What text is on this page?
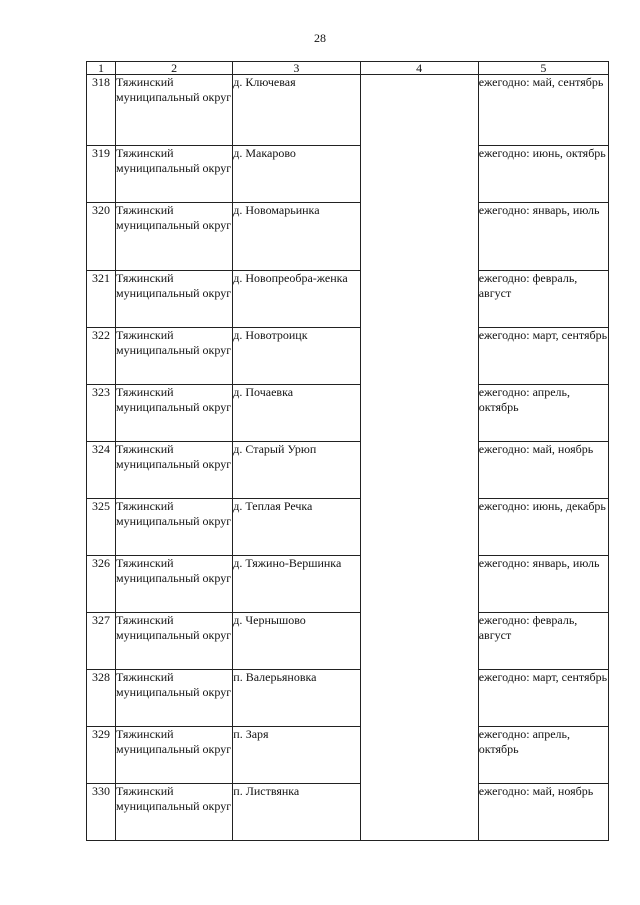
28
1	2	3	4	5
318	Тяжинский муниципальный округ	д. Ключевая		ежегодно: май, сентябрь
319	Тяжинский муниципальный округ	д. Макарово		ежегодно: июнь, октябрь
320	Тяжинский муниципальный округ	д. Новомарьинка		ежегодно: январь, июль
321	Тяжинский муниципальный округ	д. Новопреобра-женка		ежегодно: февраль, август
322	Тяжинский муниципальный округ	д. Новотроицк		ежегодно: март, сентябрь
323	Тяжинский муниципальный округ	д. Почаевка		ежегодно: апрель, октябрь
324	Тяжинский муниципальный округ	д. Старый Урюп		ежегодно: май, ноябрь
325	Тяжинский муниципальный округ	д. Теплая Речка		ежегодно: июнь, декабрь
326	Тяжинский муниципальный округ	д. Тяжино-Вершинка		ежегодно: январь, июль
327	Тяжинский муниципальный округ	д. Чернышово		ежегодно: февраль, август
328	Тяжинский муниципальный округ	п. Валерьяновка		ежегодно: март, сентябрь
329	Тяжинский муниципальный округ	п. Заря		ежегодно: апрель, октябрь
330	Тяжинский муниципальный округ	п. Листвянка		ежегодно: май, ноябрь
